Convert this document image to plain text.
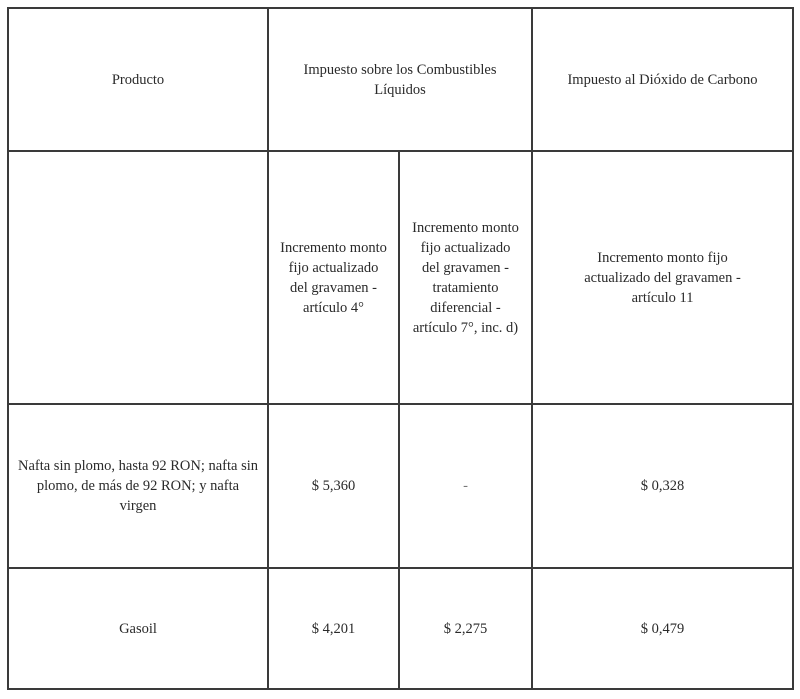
Producto	Impuesto sobre los Combustibles Líquidos		Impuesto al Dióxido de Carbono
	Incremento monto fijo actualizado del gravamen - artículo 4°	Incremento monto fijo actualizado del gravamen - tratamiento diferencial - artículo 7°, inc. d)	Incremento monto fijo actualizado del gravamen - artículo 11
Nafta sin plomo, hasta 92 RON; nafta sin plomo, de más de 92 RON; y nafta virgen	$ 5,360	-	$ 0,328
Gasoil	$ 4,201	$ 2,275	$ 0,479
